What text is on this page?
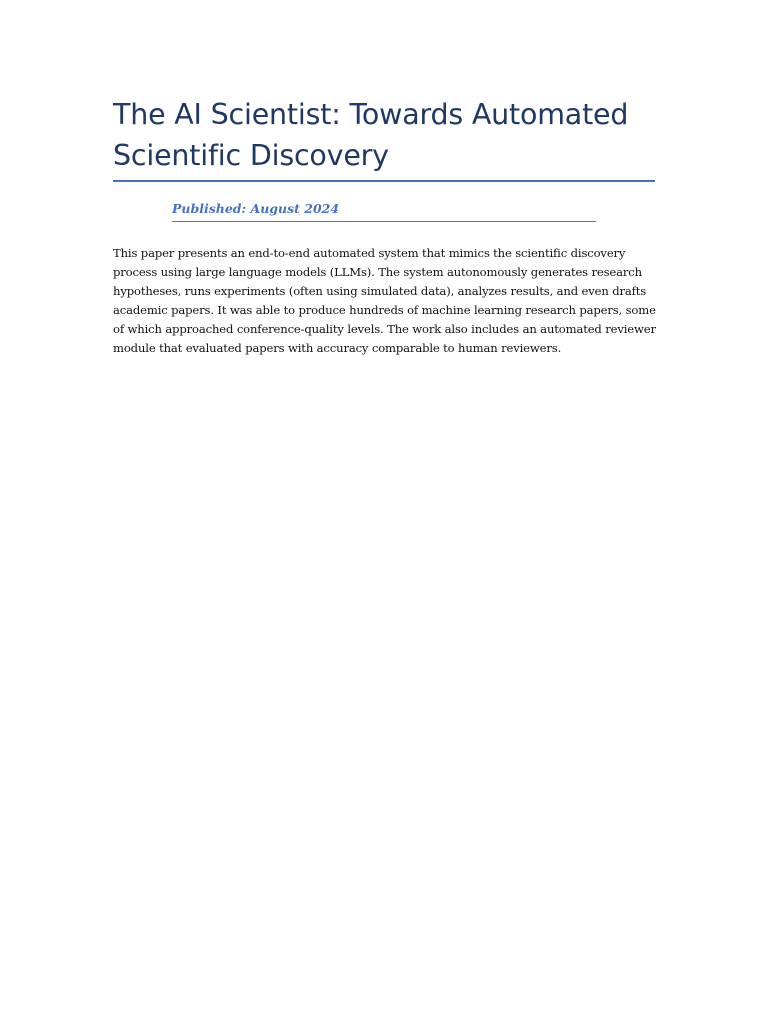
The AI Scientist: Towards Automated Scientific Discovery

Published: August 2024

This paper presents an end-to-end automated system that mimics the scientific discovery process using large language models (LLMs). The system autonomously generates research hypotheses, runs experiments (often using simulated data), analyzes results, and even drafts academic papers. It was able to produce hundreds of machine learning research papers, some of which approached conference-quality levels. The work also includes an automated reviewer module that evaluated papers with accuracy comparable to human reviewers.
